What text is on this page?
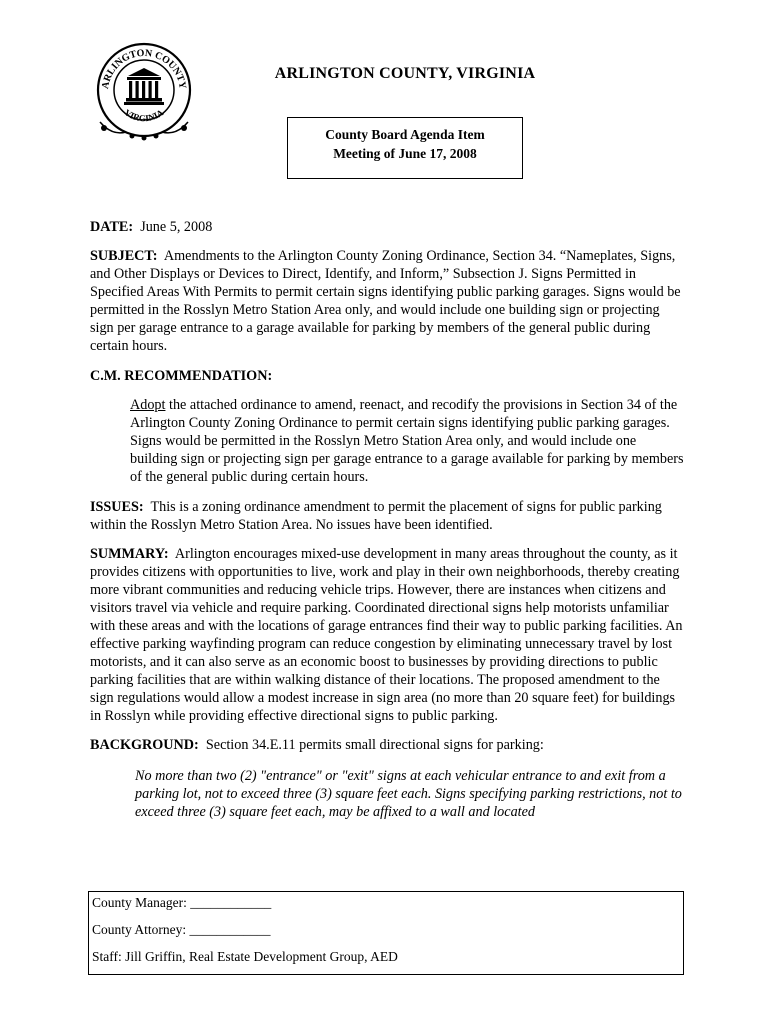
ARLINGTON COUNTY
VIRGINIA
ARLINGTON COUNTY, VIRGINIA
County Board Agenda Item
Meeting of June 17, 2008

DATE: June 5, 2008

SUBJECT: Amendments to the Arlington County Zoning Ordinance, Section 34. “Nameplates, Signs, and Other Displays or Devices to Direct, Identify, and Inform,” Subsection J. Signs Permitted in Specified Areas With Permits to permit certain signs identifying public parking garages. Signs would be permitted in the Rosslyn Metro Station Area only, and would include one building sign or projecting sign per garage entrance to a garage available for parking by members of the general public during certain hours.

C.M. RECOMMENDATION:

Adopt the attached ordinance to amend, reenact, and recodify the provisions in Section 34 of the Arlington County Zoning Ordinance to permit certain signs identifying public parking garages. Signs would be permitted in the Rosslyn Metro Station Area only, and would include one building sign or projecting sign per garage entrance to a garage available for parking by members of the general public during certain hours.

ISSUES: This is a zoning ordinance amendment to permit the placement of signs for public parking within the Rosslyn Metro Station Area. No issues have been identified.

SUMMARY: Arlington encourages mixed-use development in many areas throughout the county, as it provides citizens with opportunities to live, work and play in their own neighborhoods, thereby creating more vibrant communities and reducing vehicle trips. However, there are instances when citizens and visitors travel via vehicle and require parking. Coordinated directional signs help motorists unfamiliar with these areas and with the locations of garage entrances find their way to public parking facilities. An effective parking wayfinding program can reduce congestion by eliminating unnecessary travel by lost motorists, and it can also serve as an economic boost to businesses by providing directions to public parking facilities that are within walking distance of their locations. The proposed amendment to the sign regulations would allow a modest increase in sign area (no more than 20 square feet) for buildings in Rosslyn while providing effective directional signs to public parking.

BACKGROUND: Section 34.E.11 permits small directional signs for parking:

No more than two (2) "entrance" or "exit" signs at each vehicular entrance to and exit from a parking lot, not to exceed three (3) square feet each. Signs specifying parking restrictions, not to exceed three (3) square feet each, may be affixed to a wall and located

County Manager: ____________
County Attorney: ____________
Staff: Jill Griffin, Real Estate Development Group, AED
